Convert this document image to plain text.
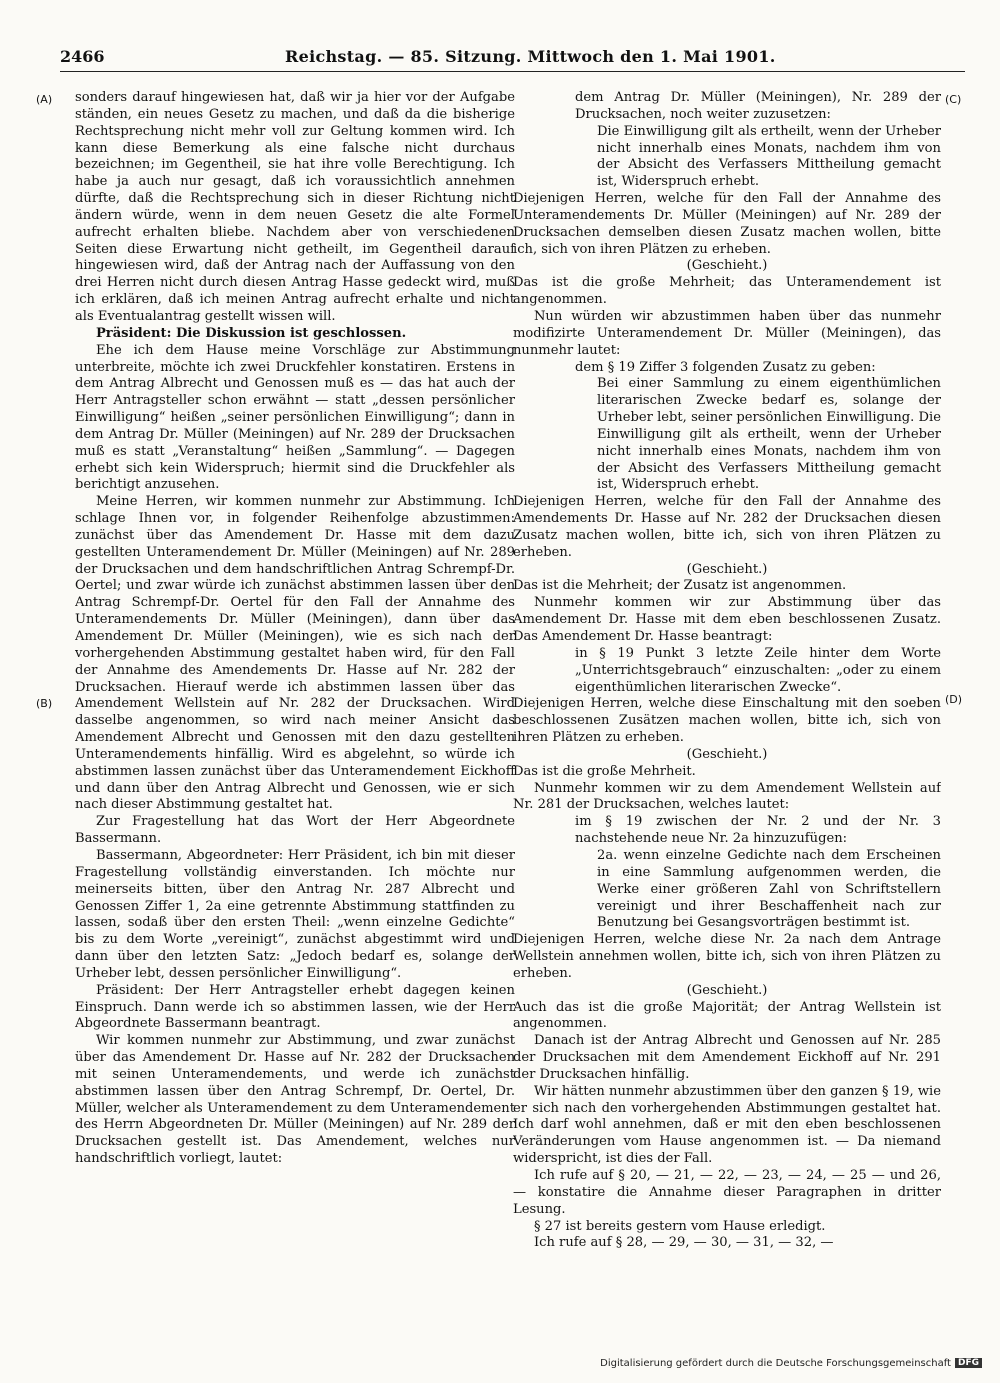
2466	Reichstag. — 85. Sitzung. Mittwoch den 1. Mai 1901.
(A)
(B)
(C)
(D)

sonders darauf hingewiesen hat, daß wir ja hier vor der Aufgabe ständen, ein neues Gesetz zu machen, und daß da die bisherige Rechtsprechung nicht mehr voll zur Geltung kommen wird. Ich kann diese Bemerkung als eine falsche nicht durchaus bezeichnen; im Gegentheil, sie hat ihre volle Berechtigung. Ich habe ja auch nur gesagt, daß ich voraussichtlich annehmen dürfte, daß die Rechtsprechung sich in dieser Richtung nicht ändern würde, wenn in dem neuen Gesetz die alte Formel aufrecht erhalten bliebe. Nachdem aber von verschiedenen Seiten diese Erwartung nicht getheilt, im Gegentheil darauf hingewiesen wird, daß der Antrag nach der Auffassung von den drei Herren nicht durch diesen Antrag Hasse gedeckt wird, muß ich erklären, daß ich meinen Antrag aufrecht erhalte und nicht als Eventualantrag gestellt wissen will.

Präsident: Die Diskussion ist geschlossen.

Ehe ich dem Hause meine Vorschläge zur Abstimmung unterbreite, möchte ich zwei Druckfehler konstatiren. Erstens in dem Antrag Albrecht und Genossen muß es — das hat auch der Herr Antragsteller schon erwähnt — statt „dessen persönlicher Einwilligung“ heißen „seiner persönlichen Einwilligung“; dann in dem Antrag Dr. Müller (Meiningen) auf Nr. 289 der Drucksachen muß es statt „Veranstaltung“ heißen „Sammlung“. — Dagegen erhebt sich kein Widerspruch; hiermit sind die Druckfehler als berichtigt anzusehen.

Meine Herren, wir kommen nunmehr zur Abstimmung. Ich schlage Ihnen vor, in folgender Reihenfolge abzustimmen: zunächst über das Amendement Dr. Hasse mit dem dazu gestellten Unteramendement Dr. Müller (Meiningen) auf Nr. 289 der Drucksachen und dem handschriftlichen Antrag Schrempf-Dr. Oertel; und zwar würde ich zunächst abstimmen lassen über den Antrag Schrempf-Dr. Oertel für den Fall der Annahme des Unteramendements Dr. Müller (Meiningen), dann über das Amendement Dr. Müller (Meiningen), wie es sich nach der vorhergehenden Abstimmung gestaltet haben wird, für den Fall der Annahme des Amendements Dr. Hasse auf Nr. 282 der Drucksachen. Hierauf werde ich abstimmen lassen über das Amendement Wellstein auf Nr. 282 der Drucksachen. Wird dasselbe angenommen, so wird nach meiner Ansicht das Amendement Albrecht und Genossen mit den dazu gestellten Unteramendements hinfällig. Wird es abgelehnt, so würde ich abstimmen lassen zunächst über das Unteramendement Eickhoff und dann über den Antrag Albrecht und Genossen, wie er sich nach dieser Abstimmung gestaltet hat.

Zur Fragestellung hat das Wort der Herr Abgeordnete Bassermann.

Bassermann, Abgeordneter: Herr Präsident, ich bin mit dieser Fragestellung vollständig einverstanden. Ich möchte nur meinerseits bitten, über den Antrag Nr. 287 Albrecht und Genossen Ziffer 1, 2a eine getrennte Abstimmung stattfinden zu lassen, sodaß über den ersten Theil: „wenn einzelne Gedichte“ bis zu dem Worte „vereinigt“, zunächst abgestimmt wird und dann über den letzten Satz: „Jedoch bedarf es, solange der Urheber lebt, dessen persönlicher Einwilligung“.

Präsident: Der Herr Antragsteller erhebt dagegen keinen Einspruch. Dann werde ich so abstimmen lassen, wie der Herr Abgeordnete Bassermann beantragt.

Wir kommen nunmehr zur Abstimmung, und zwar zunächst über das Amendement Dr. Hasse auf Nr. 282 der Drucksachen mit seinen Unteramendements, und werde ich zunächst abstimmen lassen über den Antrag Schrempf, Dr. Oertel, Dr. Müller, welcher als Unteramendement zu dem Unteramendement des Herrn Abgeordneten Dr. Müller (Meiningen) auf Nr. 289 der Drucksachen gestellt ist. Das Amendement, welches nur handschriftlich vorliegt, lautet:

dem Antrag Dr. Müller (Meiningen), Nr. 289 der Drucksachen, noch weiter zuzusetzen:

Die Einwilligung gilt als ertheilt, wenn der Urheber nicht innerhalb eines Monats, nachdem ihm von der Absicht des Verfassers Mittheilung gemacht ist, Widerspruch erhebt.

Diejenigen Herren, welche für den Fall der Annahme des Unteramendements Dr. Müller (Meiningen) auf Nr. 289 der Drucksachen demselben diesen Zusatz machen wollen, bitte ich, sich von ihren Plätzen zu erheben.

(Geschieht.)

Das ist die große Mehrheit; das Unteramendement ist angenommen.

Nun würden wir abzustimmen haben über das nunmehr modifizirte Unteramendement Dr. Müller (Meiningen), das nunmehr lautet:

dem § 19 Ziffer 3 folgenden Zusatz zu geben:

Bei einer Sammlung zu einem eigenthümlichen literarischen Zwecke bedarf es, solange der Urheber lebt, seiner persönlichen Einwilligung. Die Einwilligung gilt als ertheilt, wenn der Urheber nicht innerhalb eines Monats, nachdem ihm von der Absicht des Verfassers Mittheilung gemacht ist, Widerspruch erhebt.

Diejenigen Herren, welche für den Fall der Annahme des Amendements Dr. Hasse auf Nr. 282 der Drucksachen diesen Zusatz machen wollen, bitte ich, sich von ihren Plätzen zu erheben.

(Geschieht.)

Das ist die Mehrheit; der Zusatz ist angenommen.

Nunmehr kommen wir zur Abstimmung über das Amendement Dr. Hasse mit dem eben beschlossenen Zusatz. Das Amendement Dr. Hasse beantragt:

in § 19 Punkt 3 letzte Zeile hinter dem Worte „Unterrichtsgebrauch“ einzuschalten: „oder zu einem eigenthümlichen literarischen Zwecke“.

Diejenigen Herren, welche diese Einschaltung mit den soeben beschlossenen Zusätzen machen wollen, bitte ich, sich von ihren Plätzen zu erheben.

(Geschieht.)

Das ist die große Mehrheit.

Nunmehr kommen wir zu dem Amendement Wellstein auf Nr. 281 der Drucksachen, welches lautet:

im § 19 zwischen der Nr. 2 und der Nr. 3 nachstehende neue Nr. 2a hinzuzufügen:

2a. wenn einzelne Gedichte nach dem Erscheinen in eine Sammlung aufgenommen werden, die Werke einer größeren Zahl von Schriftstellern vereinigt und ihrer Beschaffenheit nach zur Benutzung bei Gesangsvorträgen bestimmt ist.

Diejenigen Herren, welche diese Nr. 2a nach dem Antrage Wellstein annehmen wollen, bitte ich, sich von ihren Plätzen zu erheben.

(Geschieht.)

Auch das ist die große Majorität; der Antrag Wellstein ist angenommen.

Danach ist der Antrag Albrecht und Genossen auf Nr. 285 der Drucksachen mit dem Amendement Eickhoff auf Nr. 291 der Drucksachen hinfällig.

Wir hätten nunmehr abzustimmen über den ganzen § 19, wie er sich nach den vorhergehenden Abstimmungen gestaltet hat. Ich darf wohl annehmen, daß er mit den eben beschlossenen Veränderungen vom Hause angenommen ist. — Da niemand widerspricht, ist dies der Fall.

Ich rufe auf § 20, — 21, — 22, — 23, — 24, — 25 — und 26, — konstatire die Annahme dieser Paragraphen in dritter Lesung.

§ 27 ist bereits gestern vom Hause erledigt.

Ich rufe auf § 28, — 29, — 30, — 31, — 32, —

Digitalisierung gefördert durch die Deutsche Forschungsgemeinschaft DFG
